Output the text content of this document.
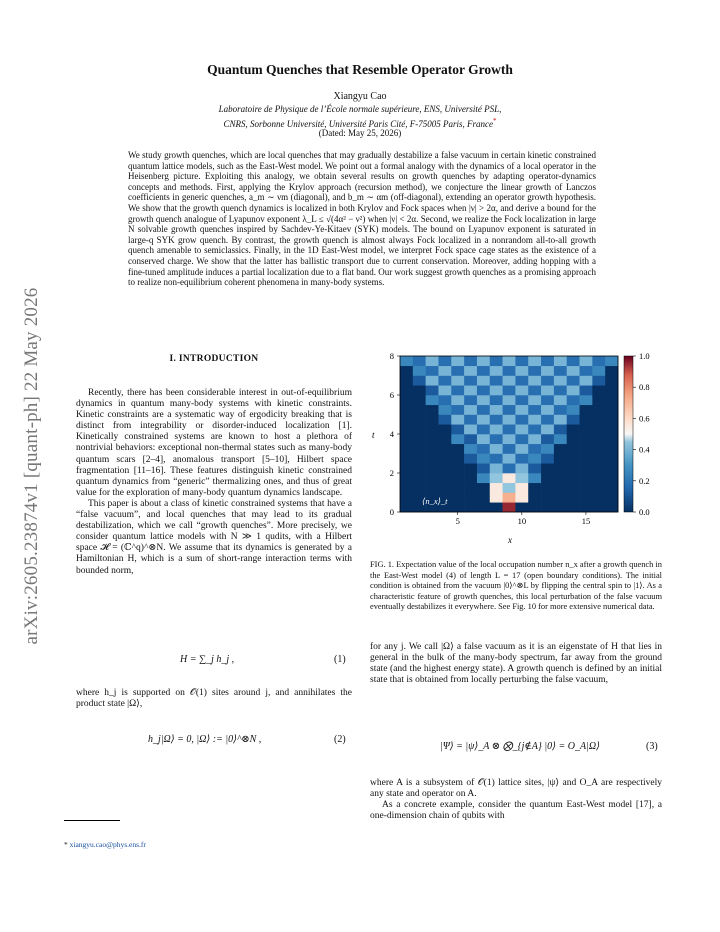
arXiv:2605.23874v1 [quant-ph] 22 May 2026
Quantum Quenches that Resemble Operator Growth
Xiangyu Cao
Laboratoire de Physique de l’École normale supérieure, ENS, Université PSL,
CNRS, Sorbonne Université, Université Paris Cité, F-75005 Paris, France*
(Dated: May 25, 2026)
We study growth quenches, which are local quenches that may gradually destabilize a false vacuum in certain kinetic constrained quantum lattice models, such as the East-West model. We point out a formal analogy with the dynamics of a local operator in the Heisenberg picture. Exploiting this analogy, we obtain several results on growth quenches by adapting operator-dynamics concepts and methods. First, applying the Krylov approach (recursion method), we conjecture the linear growth of Lanczos coefficients in generic quenches, a_m ∼ νm (diagonal), and b_m ∼ αm (off-diagonal), extending an operator growth hypothesis. We show that the growth quench dynamics is localized in both Krylov and Fock spaces when |ν| > 2α, and derive a bound for the growth quench analogue of Lyapunov exponent λ_L ≤ √(4α² − ν²) when |ν| < 2α. Second, we realize the Fock localization in large N solvable growth quenches inspired by Sachdev-Ye-Kitaev (SYK) models. The bound on Lyapunov exponent is saturated in large-q SYK grow quench. By contrast, the growth quench is almost always Fock localized in a nonrandom all-to-all growth quench amenable to semiclassics. Finally, in the 1D East-West model, we interpret Fock space cage states as the existence of a conserved charge. We show that the latter has ballistic transport due to current conservation. Moreover, adding hopping with a fine-tuned amplitude induces a partial localization due to a flat band. Our work suggest growth quenches as a promising approach to realize non-equilibrium coherent phenomena in many-body systems.
I. INTRODUCTION

Recently, there has been considerable interest in out-of-equilibrium dynamics in quantum many-body systems with kinetic constraints. Kinetic constraints are a systematic way of ergodicity breaking that is distinct from integrability or disorder-induced localization [1]. Kinetically constrained systems are known to host a plethora of nontrivial behaviors: exceptional non-thermal states such as many-body quantum scars [2–4], anomalous transport [5–10], Hilbert space fragmentation [11–16]. These features distinguish kinetic constrained quantum dynamics from “generic” thermalizing ones, and thus of great value for the exploration of many-body quantum dynamics landscape.

This paper is about a class of kinetic constrained systems that have a “false vacuum”, and local quenches that may lead to its gradual destabilization, which we call “growth quenches”. More precisely, we consider quantum lattice models with N ≫ 1 qudits, with a Hilbert space 𝓗 = (ℂ^q)^⊗N. We assume that its dynamics is generated by a Hamiltonian H, which is a sum of short-range interaction terms with bounded norm,

H = ∑_j h_j ,	(1)

where h_j is supported on 𝒪(1) sites around j, and annihilates the product state |Ω⟩,

h_j|Ω⟩ = 0, |Ω⟩ := |0⟩^⊗N ,	(2)
* xiangyu.cao@phys.ens.fr
5	10	15
0
2
4
6
8
⟨n_x⟩_t
x
t
0.0
0.2
0.4
0.6
0.8
1.0
FIG. 1. Expectation value of the local occupation number n_x after a growth quench in the East-West model (4) of length L = 17 (open boundary conditions). The initial condition is obtained from the vacuum |0⟩^⊗L by flipping the central spin to |1⟩. As a characteristic feature of growth quenches, this local perturbation of the false vacuum eventually destabilizes it everywhere. See Fig. 10 for more extensive numerical data.

for any j. We call |Ω⟩ a false vacuum as it is an eigenstate of H that lies in general in the bulk of the many-body spectrum, far away from the ground state (and the highest energy state). A growth quench is defined by an initial state that is obtained from locally perturbing the false vacuum,

|Ψ⟩ = |ψ⟩_A ⊗ ⨂_{j∉A} |0⟩ = O_A|Ω⟩	(3)

where A is a subsystem of 𝒪(1) lattice sites, |ψ⟩ and O_A are respectively any state and operator on A.

As a concrete example, consider the quantum East-West model [17], a one-dimension chain of qubits with
